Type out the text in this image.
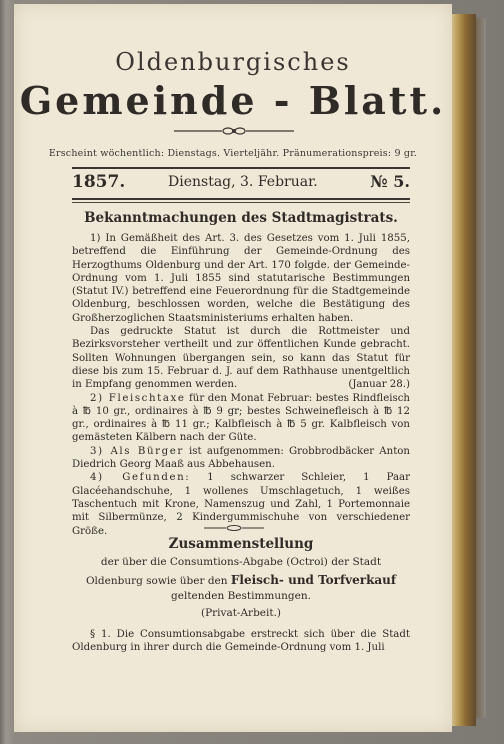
Oldenburgisches
Gemeinde - Blatt.
Erscheint wöchentlich: Dienstags. Vierteljähr. Pränumerationspreis: 9 gr.
1857.	Dienstag, 3. Februar.	№ 5.
Bekanntmachungen des Stadtmagistrats.

1) In Gemäßheit des Art. 3. des Gesetzes vom 1. Juli 1855, betreffend die Einführung der Gemeinde-Ordnung des Herzogthums Oldenburg und der Art. 170 folgde. der Gemeinde-Ordnung vom 1. Juli 1855 sind statutarische Bestimmungen (Statut IV.) betreffend eine Feuerordnung für die Stadtgemeinde Oldenburg, beschlossen worden, welche die Bestätigung des Großherzoglichen Staatsministeriums erhalten haben.

Das gedruckte Statut ist durch die Rottmeister und Bezirksvorsteher vertheilt und zur öffentlichen Kunde gebracht. Sollten Wohnungen übergangen sein, so kann das Statut für diese bis zum 15. Februar d. J. auf dem Rathhause unentgeltlich in Empfang genommen werden.	(Januar 28.)

2) Fleischtaxe für den Monat Februar: bestes Rindfleisch à ℔ 10 gr., ordinaires à ℔ 9 gr; bestes Schweinefleisch à ℔ 12 gr., ordinaires à ℔ 11 gr.; Kalbfleisch à ℔ 5 gr. Kalbfleisch von gemästeten Kälbern nach der Güte.

3) Als Bürger ist aufgenommen: Grobbrodbäcker Anton Diedrich Georg Maaß aus Abbehausen.

4) Gefunden: 1 schwarzer Schleier, 1 Paar Glacéehandschuhe, 1 wollenes Umschlagetuch, 1 weißes Taschentuch mit Krone, Namenszug und Zahl, 1 Portemonnaie mit Silbermünze, 2 Kindergummischuhe von verschiedener Größe.

Zusammenstellung
der über die Consumtions-Abgabe (Octroi) der Stadt
Oldenburg sowie über den Fleisch- und Torfverkauf
geltenden Bestimmungen.
(Privat-Arbeit.)

§ 1. Die Consumtionsabgabe erstreckt sich über die Stadt Oldenburg in ihrer durch die Gemeinde-Ordnung vom 1. Juli
